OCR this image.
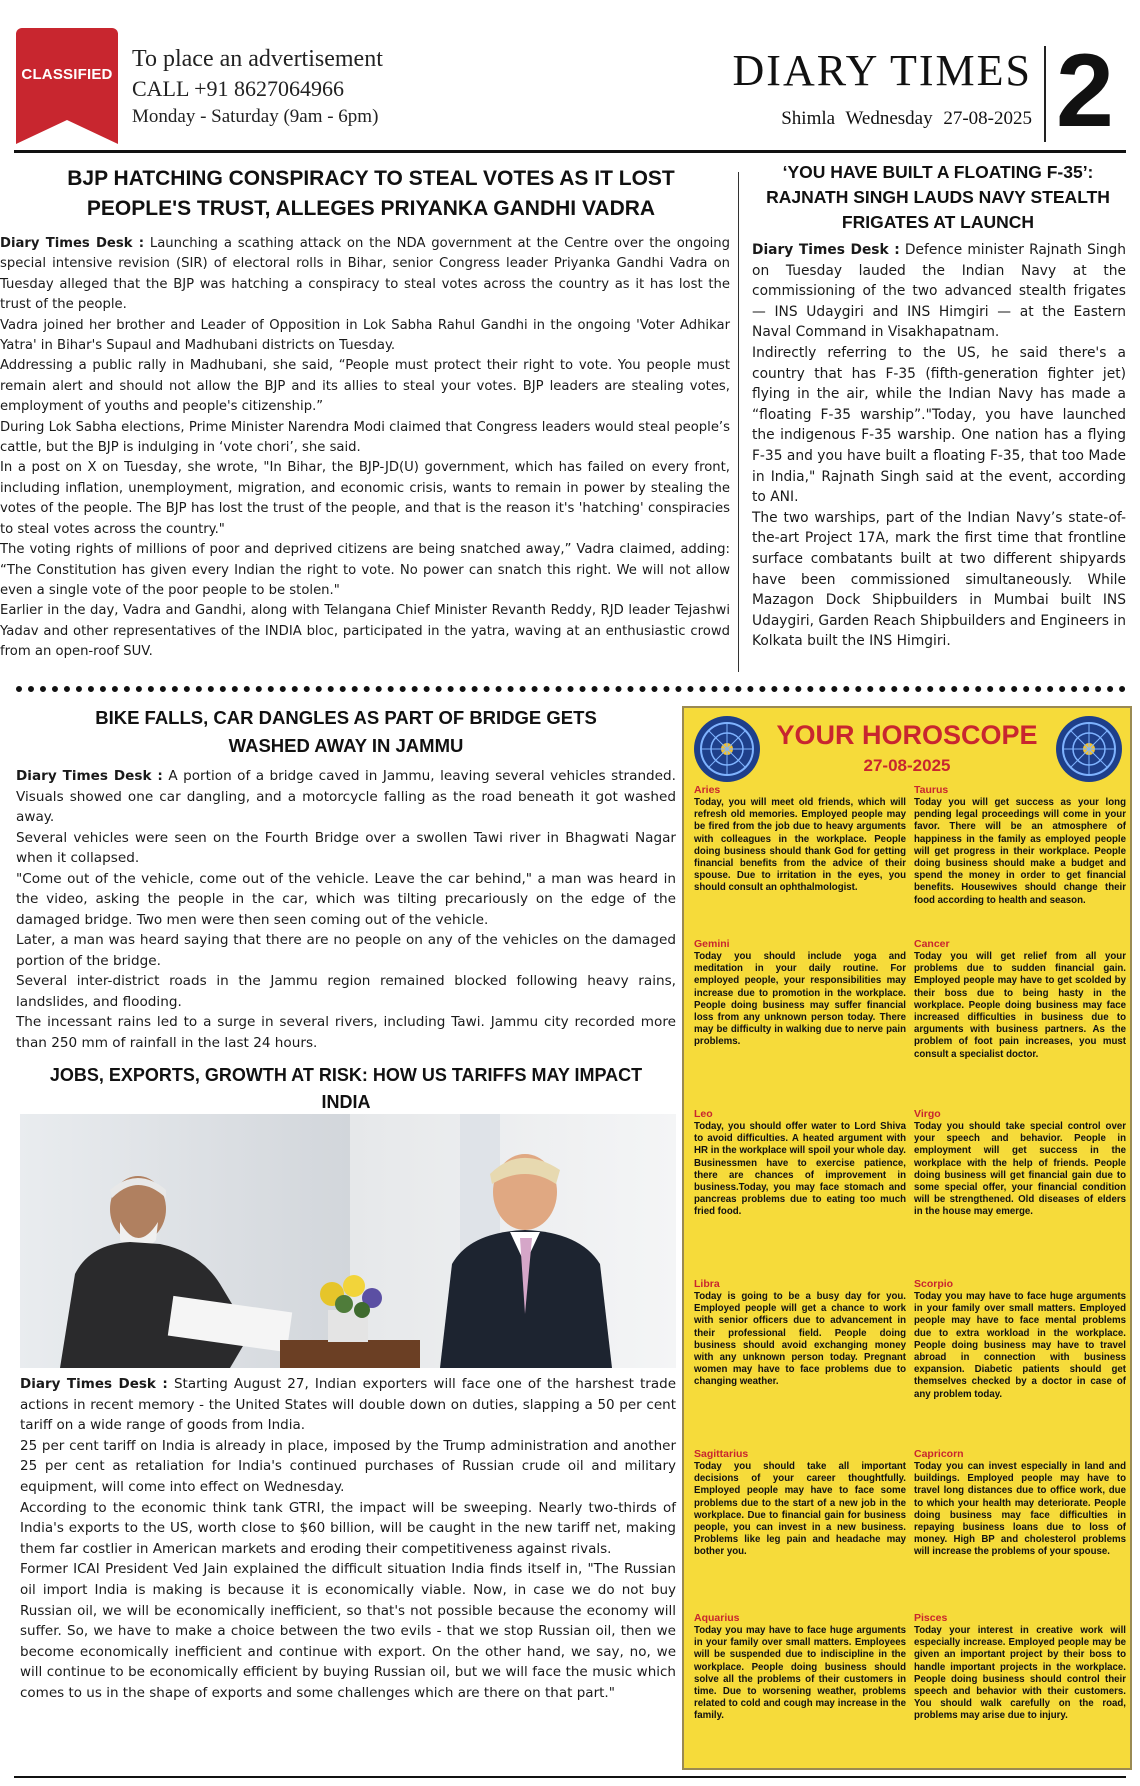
CLASSIFIED
To place an advertisement
CALL +91 8627064966
Monday - Saturday (9am - 6pm)
DIARY TIMES
Shimla Wednesday 27-08-2025 2
BJP HATCHING CONSPIRACY TO STEAL VOTES AS IT LOST
PEOPLE'S TRUST, ALLEGES PRIYANKA GANDHI VADRA

Diary Times Desk : Launching a scathing attack on the NDA government at the Centre over the ongoing special intensive revision (SIR) of electoral rolls in Bihar, senior Congress leader Priyanka Gandhi Vadra on Tuesday alleged that the BJP was hatching a conspiracy to steal votes across the country as it has lost the trust of the people.

Vadra joined her brother and Leader of Opposition in Lok Sabha Rahul Gandhi in the ongoing 'Voter Adhikar Yatra' in Bihar's Supaul and Madhubani districts on Tuesday.

Addressing a public rally in Madhubani, she said, “People must protect their right to vote. You people must remain alert and should not allow the BJP and its allies to steal your votes. BJP leaders are stealing votes, employment of youths and people's citizenship.”

During Lok Sabha elections, Prime Minister Narendra Modi claimed that Congress leaders would steal people’s cattle, but the BJP is indulging in ‘vote chori’, she said.

In a post on X on Tuesday, she wrote, "In Bihar, the BJP-JD(U) government, which has failed on every front, including inflation, unemployment, migration, and economic crisis, wants to remain in power by stealing the votes of the people. The BJP has lost the trust of the people, and that is the reason it's 'hatching' conspiracies to steal votes across the country."

The voting rights of millions of poor and deprived citizens are being snatched away,” Vadra claimed, adding: “The Constitution has given every Indian the right to vote. No power can snatch this right. We will not allow even a single vote of the poor people to be stolen."

Earlier in the day, Vadra and Gandhi, along with Telangana Chief Minister Revanth Reddy, RJD leader Tejashwi Yadav and other representatives of the INDIA bloc, participated in the yatra, waving at an enthusiastic crowd from an open-roof SUV.

‘YOU HAVE BUILT A FLOATING F-35’:
RAJNATH SINGH LAUDS NAVY STEALTH
FRIGATES AT LAUNCH

Diary Times Desk : Defence minister Rajnath Singh on Tuesday lauded the Indian Navy at the commissioning of the two advanced stealth frigates — INS Udaygiri and INS Himgiri — at the Eastern Naval Command in Visakhapatnam.

Indirectly referring to the US, he said there's a country that has F-35 (fifth-generation fighter jet) flying in the air, while the Indian Navy has made a “floating F-35 warship”."Today, you have launched the indigenous F-35 warship. One nation has a flying F-35 and you have built a floating F-35, that too Made in India," Rajnath Singh said at the event, according to ANI.

The two warships, part of the Indian Navy’s state-of-the-art Project 17A, mark the first time that frontline surface combatants built at two different shipyards have been commissioned simultaneously. While Mazagon Dock Shipbuilders in Mumbai built INS Udaygiri, Garden Reach Shipbuilders and Engineers in Kolkata built the INS Himgiri.

BIKE FALLS, CAR DANGLES AS PART OF BRIDGE GETS
WASHED AWAY IN JAMMU

Diary Times Desk : A portion of a bridge caved in Jammu, leaving several vehicles stranded. Visuals showed one car dangling, and a motorcycle falling as the road beneath it got washed away.

Several vehicles were seen on the Fourth Bridge over a swollen Tawi river in Bhagwati Nagar when it collapsed.

"Come out of the vehicle, come out of the vehicle. Leave the car behind," a man was heard in the video, asking the people in the car, which was tilting precariously on the edge of the damaged bridge. Two men were then seen coming out of the vehicle.

Later, a man was heard saying that there are no people on any of the vehicles on the damaged portion of the bridge.

Several inter-district roads in the Jammu region remained blocked following heavy rains, landslides, and flooding.

The incessant rains led to a surge in several rivers, including Tawi. Jammu city recorded more than 250 mm of rainfall in the last 24 hours.

JOBS, EXPORTS, GROWTH AT RISK: HOW US TARIFFS MAY IMPACT
INDIA

Diary Times Desk : Starting August 27, Indian exporters will face one of the harshest trade actions in recent memory - the United States will double down on duties, slapping a 50 per cent tariff on a wide range of goods from India.

25 per cent tariff on India is already in place, imposed by the Trump administration and another 25 per cent as retaliation for India's continued purchases of Russian crude oil and military equipment, will come into effect on Wednesday.

According to the economic think tank GTRI, the impact will be sweeping. Nearly two-thirds of India's exports to the US, worth close to $60 billion, will be caught in the new tariff net, making them far costlier in American markets and eroding their competitiveness against rivals.

Former ICAI President Ved Jain explained the difficult situation India finds itself in, "The Russian oil import India is making is because it is economically viable. Now, in case we do not buy Russian oil, we will be economically inefficient, so that's not possible because the economy will suffer. So, we have to make a choice between the two evils - that we stop Russian oil, then we become economically inefficient and continue with export. On the other hand, we say, no, we will continue to be economically efficient by buying Russian oil, but we will face the music which comes to us in the shape of exports and some challenges which are there on that part."

YOUR HOROSCOPE
27-08-2025
Aries
Today, you will meet old friends, which will refresh old memories. Employed people may be fired from the job due to heavy arguments with colleagues in the workplace. People doing business should thank God for getting financial benefits from the advice of their spouse. Due to irritation in the eyes, you should consult an ophthalmologist.
Taurus
Today you will get success as your long pending legal proceedings will come in your favor. There will be an atmosphere of happiness in the family as employed people will get progress in their workplace. People doing business should make a budget and spend the money in order to get financial benefits. Housewives should change their food according to health and season.
Gemini
Today you should include yoga and meditation in your daily routine. For employed people, your responsibilities may increase due to promotion in the workplace. People doing business may suffer financial loss from any unknown person today. There may be difficulty in walking due to nerve pain problems.
Cancer
Today you will get relief from all your problems due to sudden financial gain. Employed people may have to get scolded by their boss due to being hasty in the workplace. People doing business may face increased difficulties in business due to arguments with business partners. As the problem of foot pain increases, you must consult a specialist doctor.
Leo
Today, you should offer water to Lord Shiva to avoid difficulties. A heated argument with HR in the workplace will spoil your whole day. Businessmen have to exercise patience, there are chances of improvement in business.Today, you may face stomach and pancreas problems due to eating too much fried food.
Virgo
Today you should take special control over your speech and behavior. People in employment will get success in the workplace with the help of friends. People doing business will get financial gain due to some special offer, your financial condition will be strengthened. Old diseases of elders in the house may emerge.
Libra
Today is going to be a busy day for you. Employed people will get a chance to work with senior officers due to advancement in their professional field. People doing business should avoid exchanging money with any unknown person today. Pregnant women may have to face problems due to changing weather.
Scorpio
Today you may have to face huge arguments in your family over small matters. Employed people may have to face mental problems due to extra workload in the workplace. People doing business may have to travel abroad in connection with business expansion. Diabetic patients should get themselves checked by a doctor in case of any problem today.
Sagittarius
Today you should take all important decisions of your career thoughtfully. Employed people may have to face some problems due to the start of a new job in the workplace. Due to financial gain for business people, you can invest in a new business. Problems like leg pain and headache may bother you.
Capricorn
Today you can invest especially in land and buildings. Employed people may have to travel long distances due to office work, due to which your health may deteriorate. People doing business may face difficulties in repaying business loans due to loss of money. High BP and cholesterol problems will increase the problems of your spouse.
Aquarius
Today you may have to face huge arguments in your family over small matters. Employees will be suspended due to indiscipline in the workplace. People doing business should solve all the problems of their customers in time. Due to worsening weather, problems related to cold and cough may increase in the family.
Pisces
Today your interest in creative work will especially increase. Employed people may be given an important project by their boss to handle important projects in the workplace. People doing business should control their speech and behavior with their customers. You should walk carefully on the road, problems may arise due to injury.
